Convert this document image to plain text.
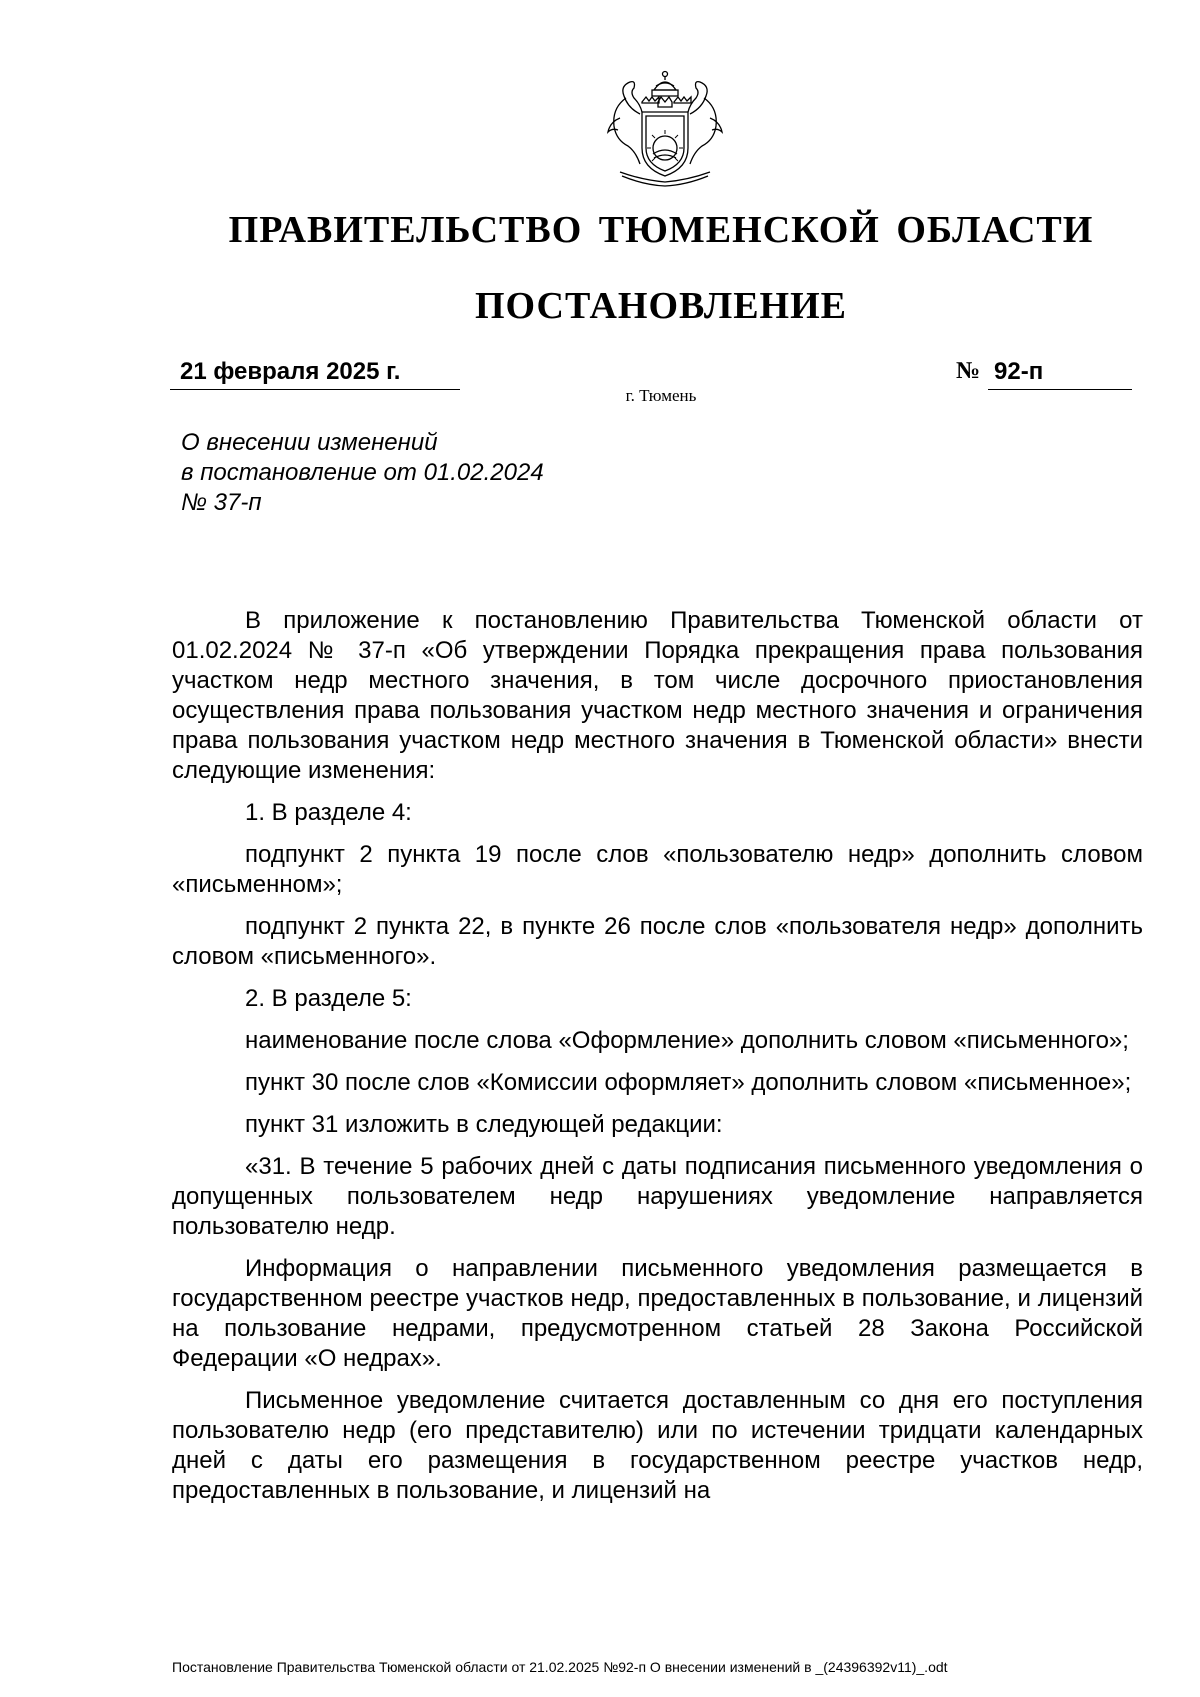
ПРАВИТЕЛЬСТВО ТЮМЕНСКОЙ ОБЛАСТИ
ПОСТАНОВЛЕНИЕ
21 февраля 2025 г.	№ 92-п
г. Тюмень
О внесении изменений
в постановление от 01.02.2024
№ 37-п

В приложение к постановлению Правительства Тюменской области от 01.02.2024 № 37-п «Об утверждении Порядка прекращения права пользования участком недр местного значения, в том числе досрочного приостановления осуществления права пользования участком недр местного значения и ограничения права пользования участком недр местного значения в Тюменской области» внести следующие изменения:

1. В разделе 4:

подпункт 2 пункта 19 после слов «пользователю недр» дополнить словом «письменном»;

подпункт 2 пункта 22, в пункте 26 после слов «пользователя недр» дополнить словом «письменного».

2. В разделе 5:

наименование после слова «Оформление» дополнить словом «письменного»;

пункт 30 после слов «Комиссии оформляет» дополнить словом «письменное»;

пункт 31 изложить в следующей редакции:

«31. В течение 5 рабочих дней с даты подписания письменного уведомления о допущенных пользователем недр нарушениях уведомление направляется пользователю недр.

Информация о направлении письменного уведомления размещается в государственном реестре участков недр, предоставленных в пользование, и лицензий на пользование недрами, предусмотренном статьей 28 Закона Российской Федерации «О недрах».

Письменное уведомление считается доставленным со дня его поступления пользователю недр (его представителю) или по истечении тридцати календарных дней с даты его размещения в государственном реестре участков недр, предоставленных в пользование, и лицензий на

Постановление Правительства Тюменской области от 21.02.2025 №92-п О внесении изменений в _(24396392v11)_.odt
